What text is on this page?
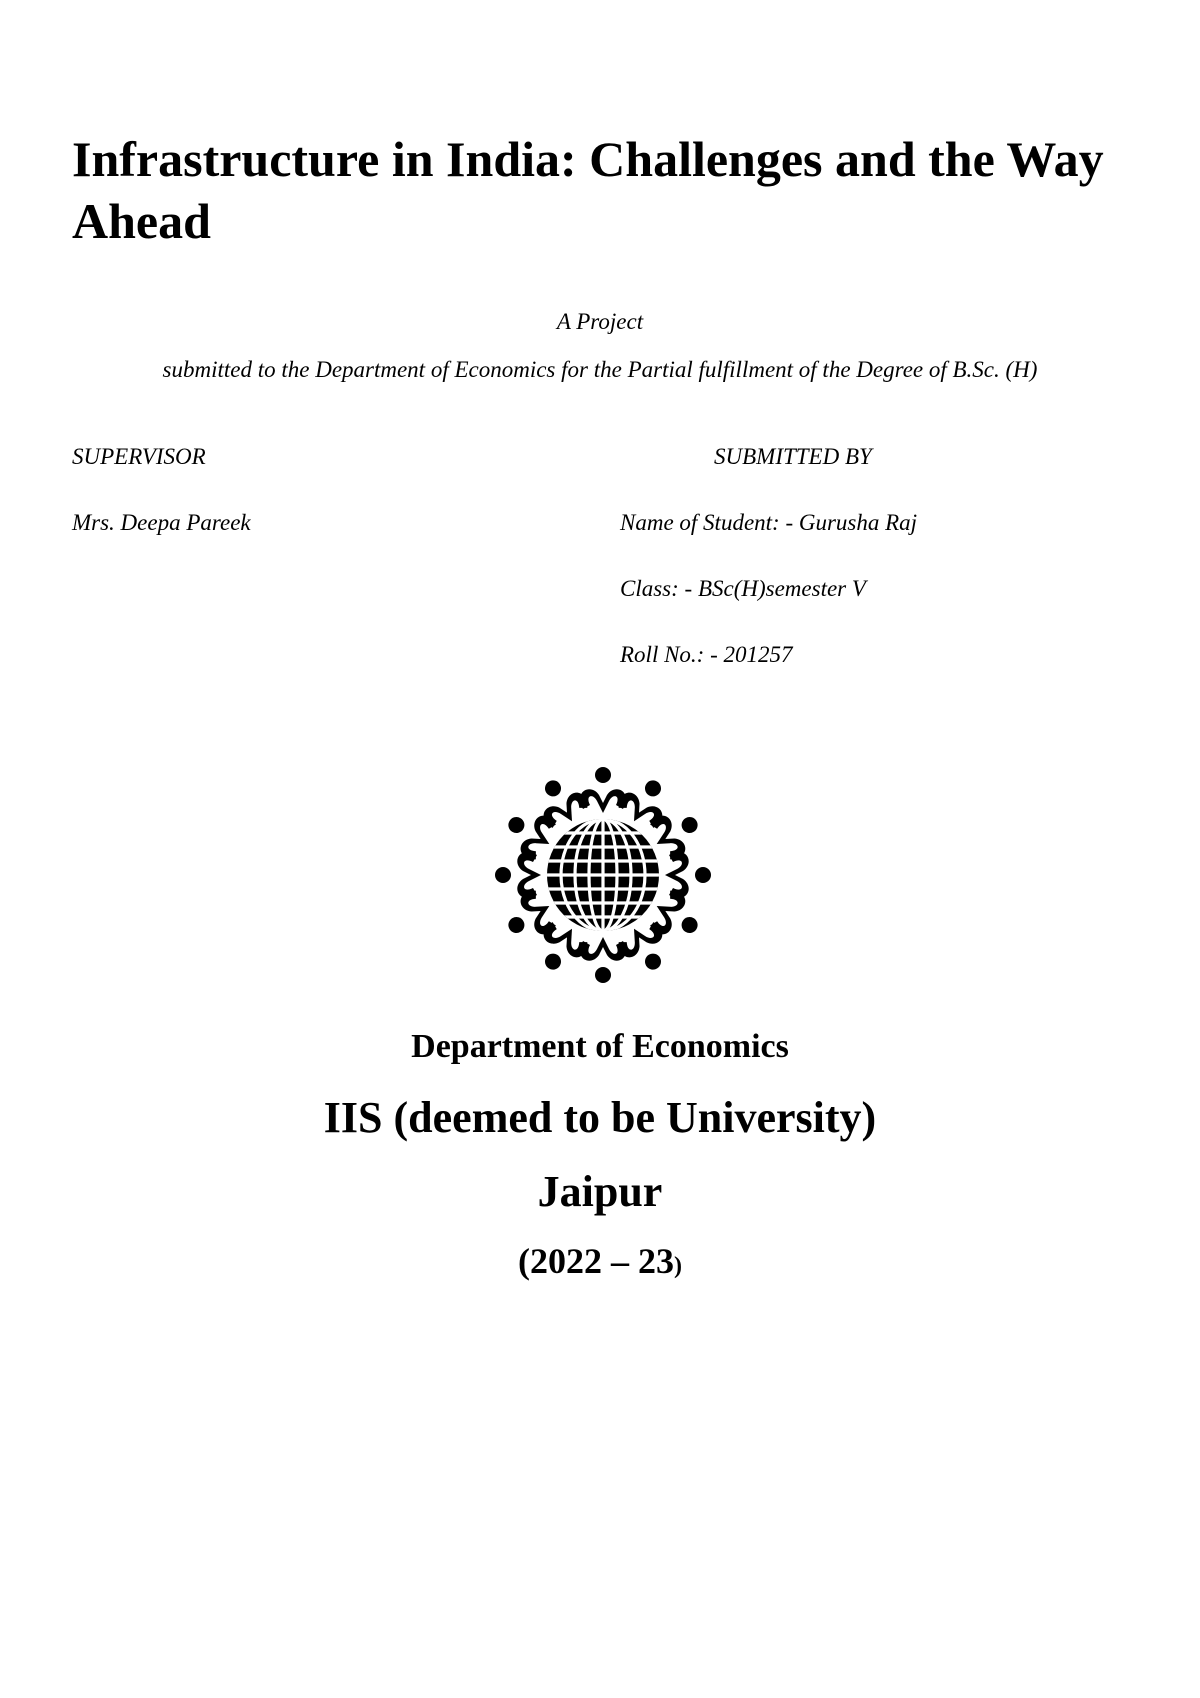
Infrastructure in India: Challenges and the Way Ahead
A Project
submitted to the Department of Economics for the Partial fulfillment of the Degree of B.Sc. (H)
SUPERVISOR	SUBMITTED BY
Mrs. Deepa Pareek	Name of Student: - Gurusha Raj
Class: - BSc(H)semester V
Roll No.: - 201257
Department of Economics
IIS (deemed to be University)
Jaipur
(2022 – 23)
